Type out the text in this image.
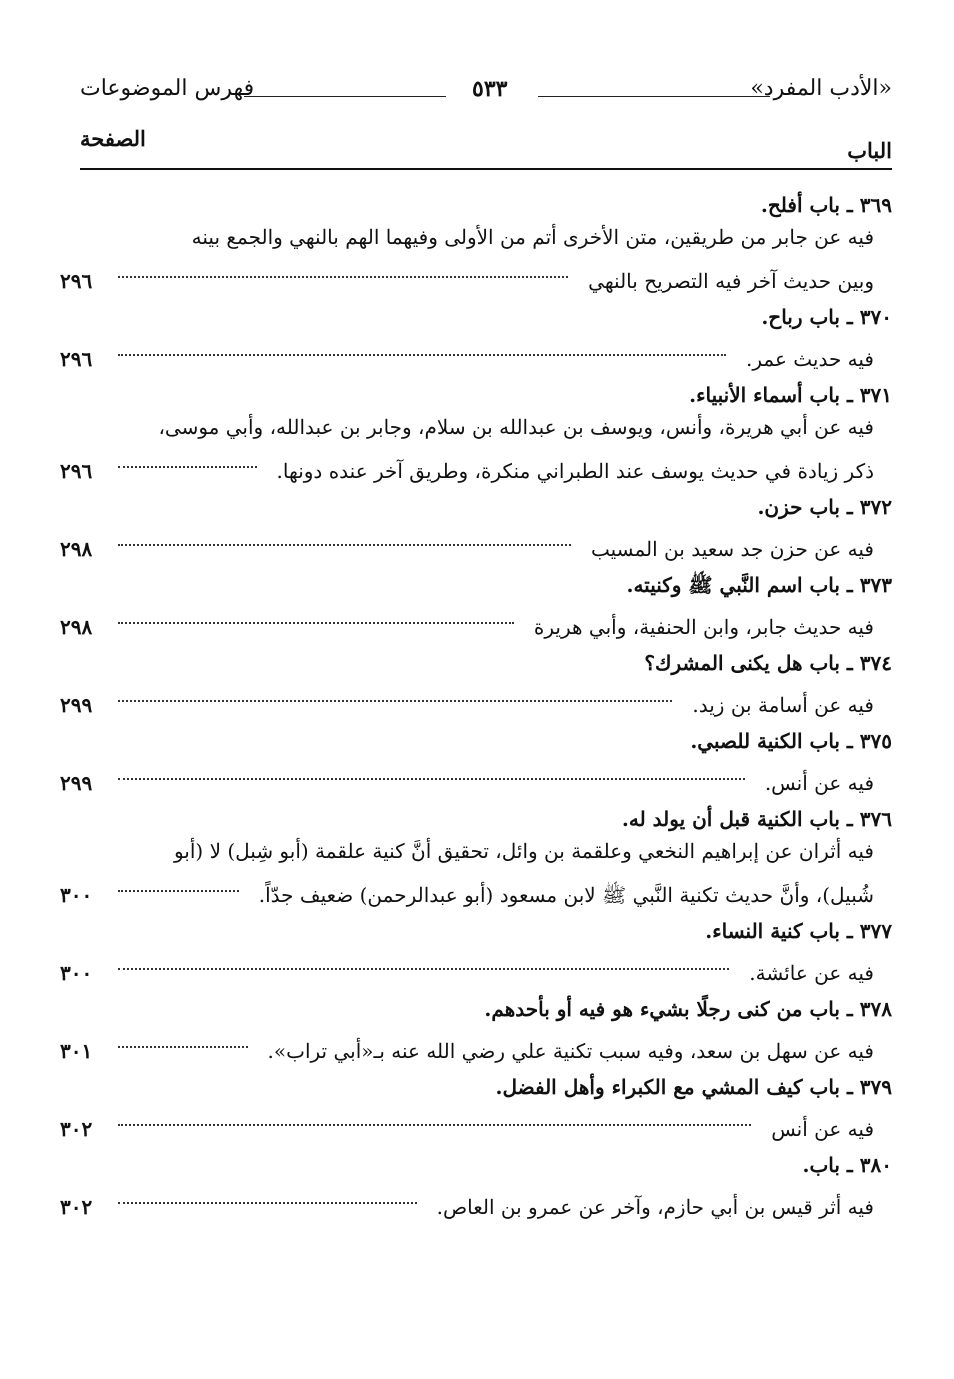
«الأدب المفرد»
٥٣٣
فهرس الموضوعات
الباب
الصفحة
٣٦٩ ـ باب أفلح.
فيه عن جابر من طريقين، متن الأخرى أتم من الأولى وفيهما الهم بالنهي والجمع بينه
وبين حديث آخر فيه التصريح بالنهي
٢٩٦
٣٧٠ ـ باب رباح.
فيه حديث عمر.
٢٩٦
٣٧١ ـ باب أسماء الأنبياء.
فيه عن أبي هريرة، وأنس، ويوسف بن عبدالله بن سلام، وجابر بن عبدالله، وأبي موسى،
ذكر زيادة في حديث يوسف عند الطبراني منكرة، وطريق آخر عنده دونها.
٢٩٦
٣٧٢ ـ باب حزن.
فيه عن حزن جد سعيد بن المسيب
٢٩٨
٣٧٣ ـ باب اسم النَّبي ﷺ وكنيته.
فيه حديث جابر، وابن الحنفية، وأبي هريرة
٢٩٨
٣٧٤ ـ باب هل يكنى المشرك؟
فيه عن أسامة بن زيد.
٢٩٩
٣٧٥ ـ باب الكنية للصبي.
فيه عن أنس.
٢٩٩
٣٧٦ ـ باب الكنية قبل أن يولد له.
فيه أثران عن إبراهيم النخعي وعلقمة بن وائل، تحقيق أنَّ كنية علقمة (أبو شِبل) لا (أبو
شُبيل)، وأنَّ حديث تكنية النَّبي ﷺ لابن مسعود (أبو عبدالرحمن) ضعيف جدّاً.
٣٠٠
٣٧٧ ـ باب كنية النساء.
فيه عن عائشة.
٣٠٠
٣٧٨ ـ باب من كنى رجلًا بشيء هو فيه أو بأحدهم.
فيه عن سهل بن سعد، وفيه سبب تكنية علي رضي الله عنه بـ«أبي تراب».
٣٠١
٣٧٩ ـ باب كيف المشي مع الكبراء وأهل الفضل.
فيه عن أنس
٣٠٢
٣٨٠ ـ باب.
فيه أثر قيس بن أبي حازم، وآخر عن عمرو بن العاص.
٣٠٢
